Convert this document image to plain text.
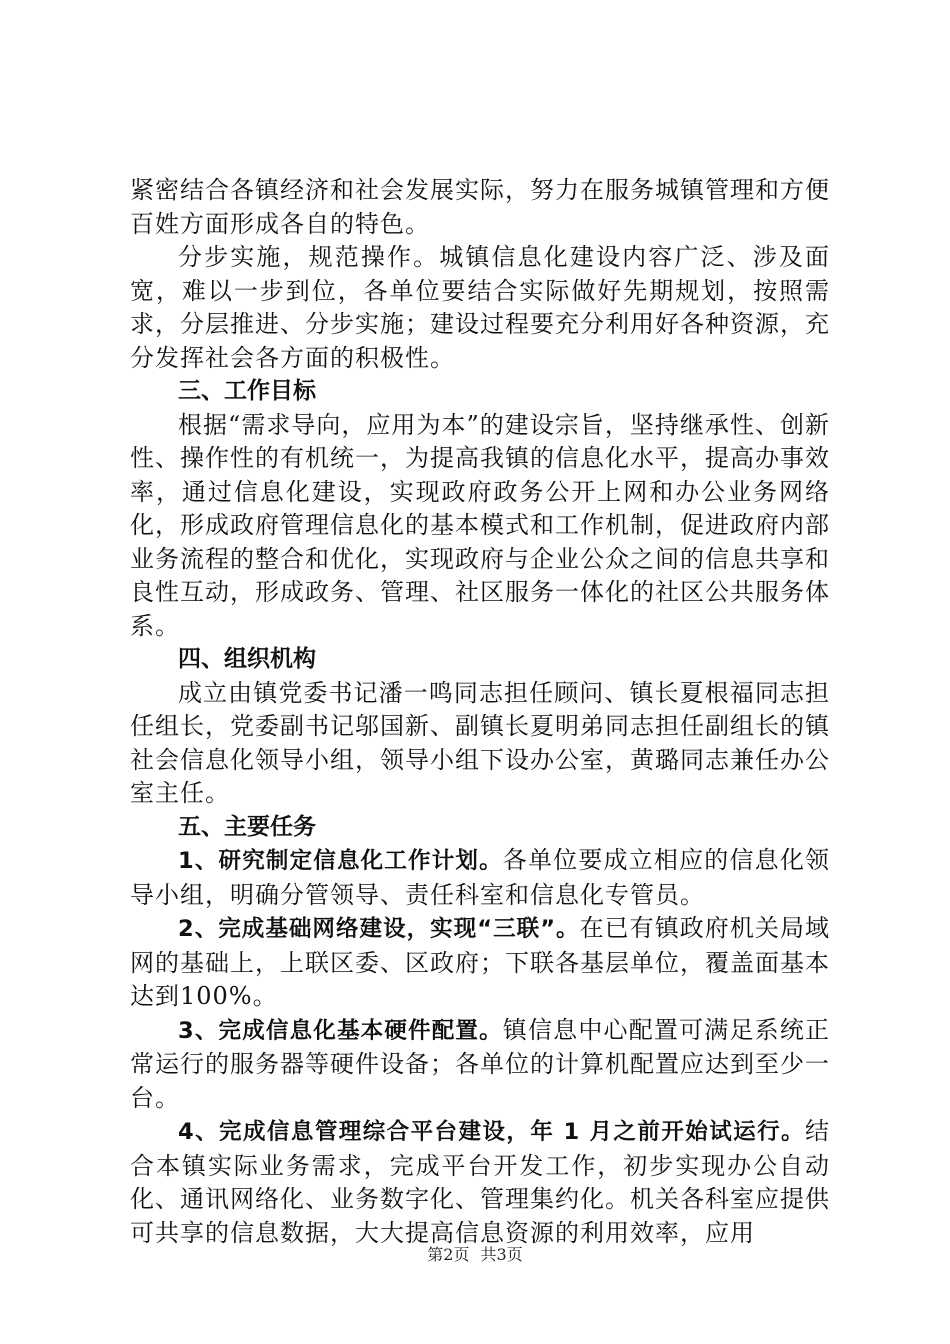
紧密结合各镇经济和社会发展实际，努力在服务城镇管理和方便百姓方面形成各自的特色。

分步实施，规范操作。城镇信息化建设内容广泛、涉及面宽，难以一步到位，各单位要结合实际做好先期规划，按照需求，分层推进、分步实施；建设过程要充分利用好各种资源，充分发挥社会各方面的积极性。

三、工作目标

根据“需求导向，应用为本”的建设宗旨，坚持继承性、创新性、操作性的有机统一，为提高我镇的信息化水平，提高办事效率，通过信息化建设，实现政府政务公开上网和办公业务网络化，形成政府管理信息化的基本模式和工作机制，促进政府内部业务流程的整合和优化，实现政府与企业公众之间的信息共享和良性互动，形成政务、管理、社区服务一体化的社区公共服务体系。

四、组织机构

成立由镇党委书记潘一鸣同志担任顾问、镇长夏根福同志担任组长，党委副书记邬国新、副镇长夏明弟同志担任副组长的镇社会信息化领导小组，领导小组下设办公室，黄璐同志兼任办公室主任。

五、主要任务

1、研究制定信息化工作计划。各单位要成立相应的信息化领导小组，明确分管领导、责任科室和信息化专管员。

2、完成基础网络建设，实现“三联”。在已有镇政府机关局域网的基础上，上联区委、区政府；下联各基层单位，覆盖面基本达到100%。

3、完成信息化基本硬件配置。镇信息中心配置可满足系统正常运行的服务器等硬件设备；各单位的计算机配置应达到至少一台。

4、完成信息管理综合平台建设，年 1 月之前开始试运行。结合本镇实际业务需求，完成平台开发工作，初步实现办公自动化、通讯网络化、业务数字化、管理集约化。机关各科室应提供可共享的信息数据，大大提高信息资源的利用效率，应用

第2页 共3页
